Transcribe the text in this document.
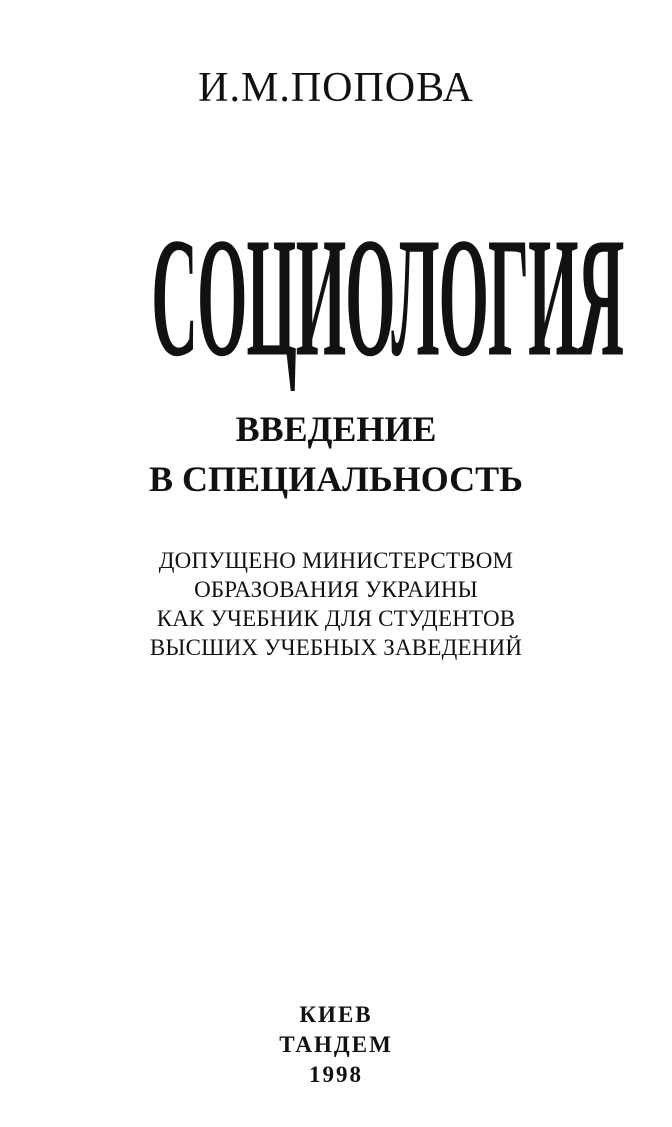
И.М.ПОПОВА
СОЦИОЛОГИЯ
ВВЕДЕНИЕ
В СПЕЦИАЛЬНОСТЬ
ДОПУЩЕНО МИНИСТЕРСТВОМ
ОБРАЗОВАНИЯ УКРАИНЫ
КАК УЧЕБНИК ДЛЯ СТУДЕНТОВ
ВЫСШИХ УЧЕБНЫХ ЗАВЕДЕНИЙ
КИЕВ
ТАНДЕМ
1998
